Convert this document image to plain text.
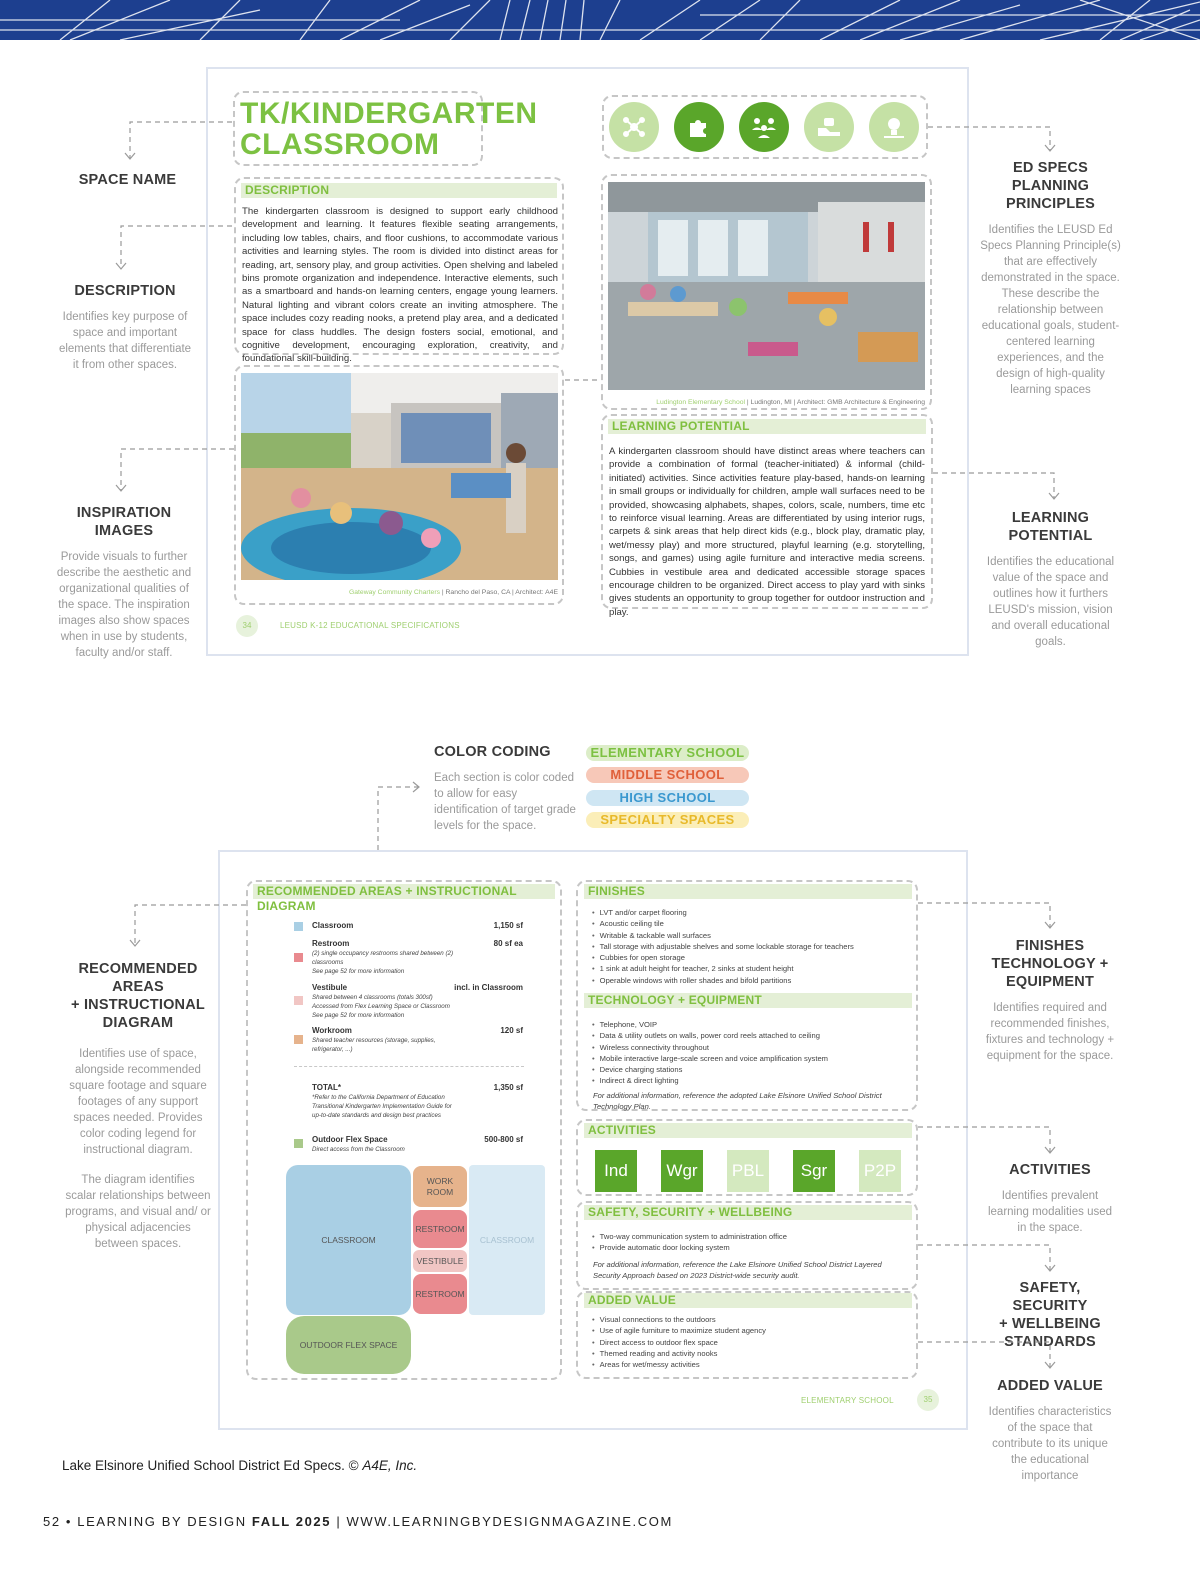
TK/KINDERGARTEN
CLASSROOM
DESCRIPTION
The kindergarten classroom is designed to support early childhood development and learning. It features flexible seating arrangements, including low tables, chairs, and floor cushions, to accommodate various activities and learning styles. The room is divided into distinct areas for reading, art, sensory play, and group activities. Open shelving and labeled bins promote organization and independence. Interactive elements, such as a smartboard and hands-on learning centers, engage young learners. Natural lighting and vibrant colors create an inviting atmosphere. The space includes cozy reading nooks, a pretend play area, and a dedicated space for class huddles. The design fosters social, emotional, and cognitive development, encouraging exploration, creativity, and foundational skill-building.
Gateway Community Charters | Rancho del Paso, CA | Architect: A4E
Ludington Elementary School | Ludington, MI | Architect: GMB Architecture & Engineering
LEARNING POTENTIAL
A kindergarten classroom should have distinct areas where teachers can provide a combination of formal (teacher-initiated) & informal (child-initiated) activities. Since activities feature play-based, hands-on learning in small groups or individually for children, ample wall surfaces need to be provided, showcasing alphabets, shapes, colors, scale, numbers, time etc to reinforce visual learning. Areas are differentiated by using interior rugs, carpets & sink areas that help direct kids (e.g., block play, dramatic play, wet/messy play) and more structured, playful learning (e.g. storytelling, songs, and games) using agile furniture and interactive media screens. Cubbies in vestibule area and dedicated accessible storage spaces encourage children to be organized. Direct access to play yard with sinks gives students an opportunity to group together for outdoor instruction and play.
34	LEUSD K-12 EDUCATIONAL SPECIFICATIONS
SPACE NAME
DESCRIPTION
Identifies key purpose of space and important elements that differentiate it from other spaces.
INSPIRATION IMAGES
Provide visuals to further describe the aesthetic and organizational qualities of the space. The inspiration images also show spaces when in use by students, faculty and/or staff.
ED SPECS PLANNING
PRINCIPLES
Identifies the LEUSD Ed Specs Planning Principle(s) that are effectively demonstrated in the space. These describe the relationship between educational goals, student-centered learning experiences, and the design of high-quality learning spaces
LEARNING POTENTIAL
Identifies the educational value of the space and outlines how it furthers LEUSD's mission, vision and overall educational goals.
COLOR CODING
Each section is color coded to allow for easy identification of target grade levels for the space.
ELEMENTARY SCHOOL
MIDDLE SCHOOL
HIGH SCHOOL
SPECIALTY SPACES
RECOMMENDED AREAS + INSTRUCTIONAL DIAGRAM
Classroom	1,150 sf
Restroom	80 sf ea
(2) single occupancy restrooms shared between (2) classrooms
See page 52 for more information
Vestibule	incl. in Classroom
Shared between 4 classrooms (totals 300sf)
Accessed from Flex Learning Space or Classroom
See page 52 for more information
Workroom	120 sf
Shared teacher resources (storage, supplies, refrigerator, ...)
TOTAL*	1,350 sf
*Refer to the California Department of Education Transitional Kindergarten Implementation Guide for up-to-date standards and design best practices
Outdoor Flex Space	500-800 sf
Direct access from the Classroom
CLASSROOM	CLASSROOM
WORK ROOM
RESTROOM
VESTIBULE
RESTROOM
OUTDOOR FLEX SPACE
FINISHES
• LVT and/or carpet flooring
• Acoustic ceiling tile
• Writable & tackable wall surfaces
• Tall storage with adjustable shelves and some lockable storage for teachers
• Cubbies for open storage
• 1 sink at adult height for teacher, 2 sinks at student height
• Operable windows with roller shades and bifold partitions
TECHNOLOGY + EQUIPMENT
• Telephone, VOIP
• Data & utility outlets on walls, power cord reels attached to ceiling
• Wireless connectivity throughout
• Mobile interactive large-scale screen and voice amplification system
• Device charging stations
• Indirect & direct lighting
For additional information, reference the adopted Lake Elsinore Unified School District Technology Plan.
ACTIVITIES
Ind	Wgr	PBL	Sgr	P2P
SAFETY, SECURITY + WELLBEING
• Two-way communication system to administration office
• Provide automatic door locking system
For additional information, reference the Lake Elsinore Unified School District Layered Security Approach based on 2023 District-wide security audit.
ADDED VALUE
• Visual connections to the outdoors
• Use of agile furniture to maximize student agency
• Direct access to outdoor flex space
• Themed reading and activity nooks
• Areas for wet/messy activities
ELEMENTARY SCHOOL	35
RECOMMENDED AREAS
+ INSTRUCTIONAL
DIAGRAM
Identifies use of space, alongside recommended square footage and square footages of any support spaces needed. Provides color coding legend for instructional diagram.
The diagram identifies scalar relationships between programs, and visual and/ or physical adjacencies between spaces.
FINISHES
TECHNOLOGY +
EQUIPMENT
Identifies required and recommended finishes, fixtures and technology + equipment for the space.
ACTIVITIES
Identifies prevalent learning modalities used in the space.
SAFETY, SECURITY
+ WELLBEING
STANDARDS
ADDED VALUE
Identifies characteristics of the space that contribute to its unique the educational importance
Lake Elsinore Unified School District Ed Specs. © A4E, Inc.
52 • LEARNING BY DESIGN FALL 2025 | WWW.LEARNINGBYDESIGNMAGAZINE.COM
